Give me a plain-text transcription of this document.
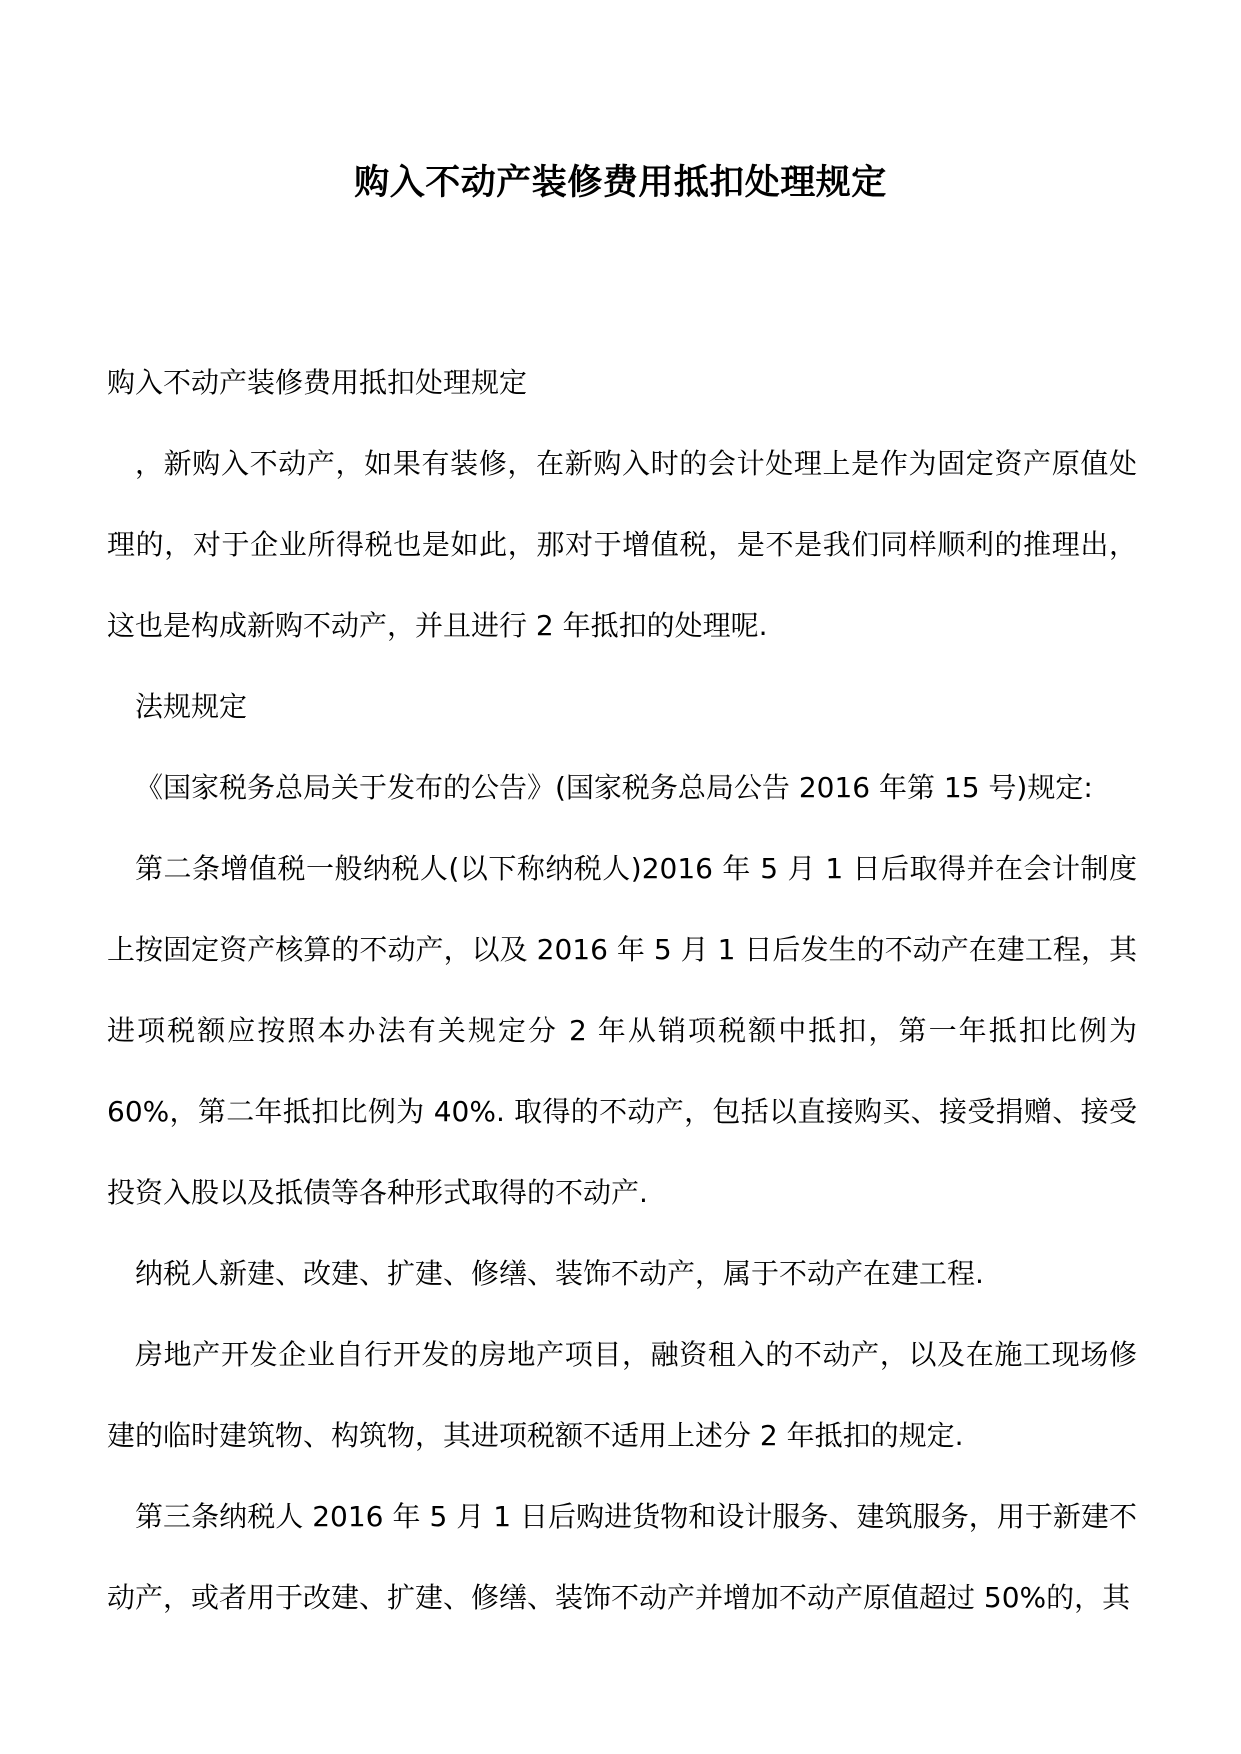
购入不动产装修费用抵扣处理规定

购入不动产装修费用抵扣处理规定

，新购入不动产，如果有装修，在新购入时的会计处理上是作为固定资产原值处理的，对于企业所得税也是如此，那对于增值税，是不是我们同样顺利的推理出，这也是构成新购不动产，并且进行 2 年抵扣的处理呢.

法规规定

《国家税务总局关于发布的公告》(国家税务总局公告 2016 年第 15 号)规定:

第二条增值税一般纳税人(以下称纳税人)2016 年 5 月 1 日后取得并在会计制度上按固定资产核算的不动产，以及 2016 年 5 月 1 日后发生的不动产在建工程，其进项税额应按照本办法有关规定分 2 年从销项税额中抵扣，第一年抵扣比例为 60%，第二年抵扣比例为 40%. 取得的不动产，包括以直接购买、接受捐赠、接受投资入股以及抵债等各种形式取得的不动产.

纳税人新建、改建、扩建、修缮、装饰不动产，属于不动产在建工程.

房地产开发企业自行开发的房地产项目，融资租入的不动产，以及在施工现场修建的临时建筑物、构筑物，其进项税额不适用上述分 2 年抵扣的规定.

第三条纳税人 2016 年 5 月 1 日后购进货物和设计服务、建筑服务，用于新建不动产，或者用于改建、扩建、修缮、装饰不动产并增加不动产原值超过 50%的，其
